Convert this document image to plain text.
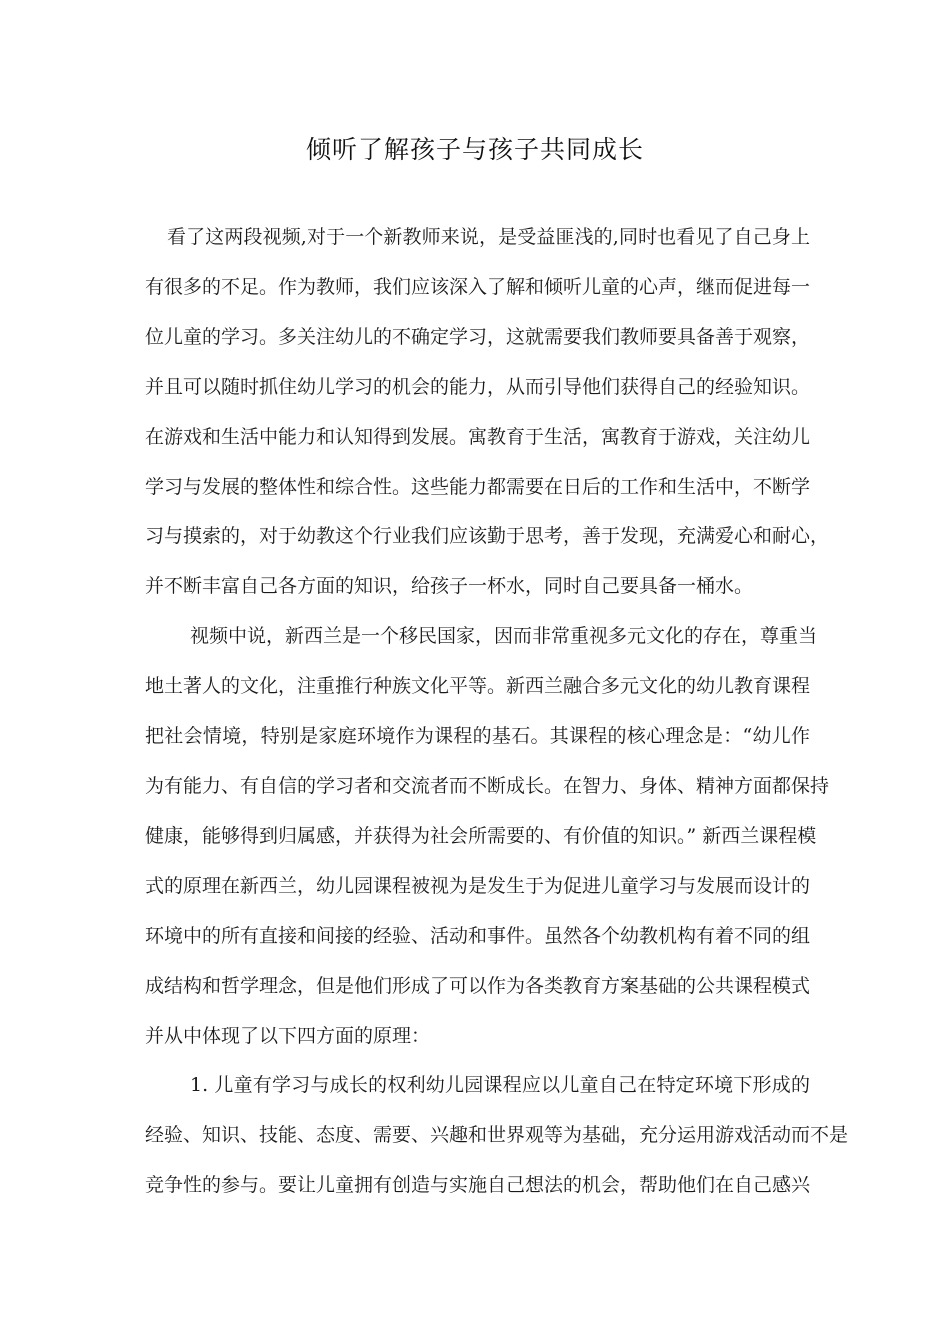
倾听了解孩子与孩子共同成长
看了这两段视频,对于一个新教师来说，是受益匪浅的,同时也看见了自己身上
有很多的不足。作为教师，我们应该深入了解和倾听儿童的心声，继而促进每一
位儿童的学习。多关注幼儿的不确定学习，这就需要我们教师要具备善于观察，
并且可以随时抓住幼儿学习的机会的能力，从而引导他们获得自己的经验知识。
在游戏和生活中能力和认知得到发展。寓教育于生活，寓教育于游戏，关注幼儿
学习与发展的整体性和综合性。这些能力都需要在日后的工作和生活中，不断学
习与摸索的，对于幼教这个行业我们应该勤于思考，善于发现，充满爱心和耐心，
并不断丰富自己各方面的知识，给孩子一杯水，同时自己要具备一桶水。
视频中说，新西兰是一个移民国家，因而非常重视多元文化的存在，尊重当
地土著人的文化，注重推行种族文化平等。新西兰融合多元文化的幼儿教育课程
把社会情境，特别是家庭环境作为课程的基石。其课程的核心理念是：“幼儿作
为有能力、有自信的学习者和交流者而不断成长。在智力、身体、精神方面都保持
健康，能够得到归属感，并获得为社会所需要的、有价值的知识。” 新西兰课程模
式的原理在新西兰，幼儿园课程被视为是发生于为促进儿童学习与发展而设计的
环境中的所有直接和间接的经验、活动和事件。虽然各个幼教机构有着不同的组
成结构和哲学理念，但是他们形成了可以作为各类教育方案基础的公共课程模式
并从中体现了以下四方面的原理：
1. 儿童有学习与成长的权利幼儿园课程应以儿童自己在特定环境下形成的
经验、知识、技能、态度、需要、兴趣和世界观等为基础，充分运用游戏活动而不是
竞争性的参与。要让儿童拥有创造与实施自己想法的机会，帮助他们在自己感兴
